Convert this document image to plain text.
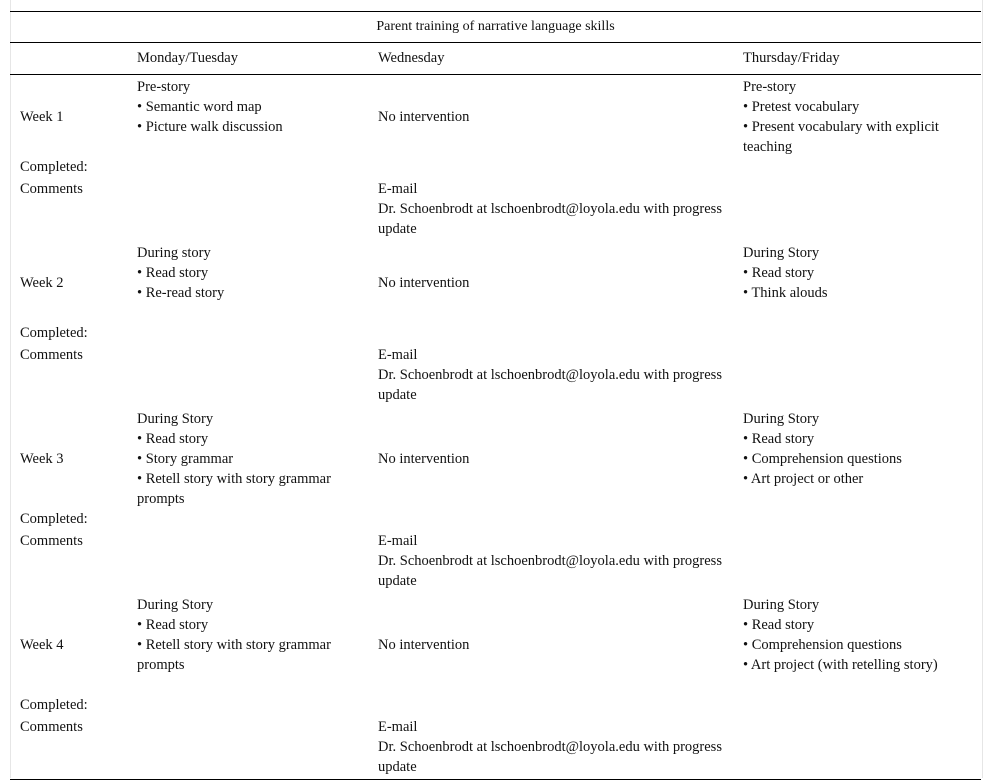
Parent training of narrative language skills			
	Monday/Tuesday	Wednesday	Thursday/Friday
Week 1	Pre-story
• Semantic word map
• Picture walk discussion	No intervention	Pre-story
• Pretest vocabulary
• Present vocabulary with explicit teaching

Completed:			
Comments		E-mail
Dr. Schoenbrodt at lschoenbrodt@loyola.edu with progress update	

Week 2	During story
• Read story
• Re-read story	No intervention	During Story
• Read story
• Think alouds

Completed:			
Comments		E-mail
Dr. Schoenbrodt at lschoenbrodt@loyola.edu with progress update	

Week 3	During Story
• Read story
• Story grammar
• Retell story with story grammar prompts	No intervention	During Story
• Read story
• Comprehension questions
• Art project or other

Completed:			
Comments		E-mail
Dr. Schoenbrodt at lschoenbrodt@loyola.edu with progress update	

Week 4	During Story
• Read story
• Retell story with story grammar prompts	No intervention	During Story
• Read story
• Comprehension questions
• Art project (with retelling story)

Completed:			
Comments		E-mail
Dr. Schoenbrodt at lschoenbrodt@loyola.edu with progress update	
